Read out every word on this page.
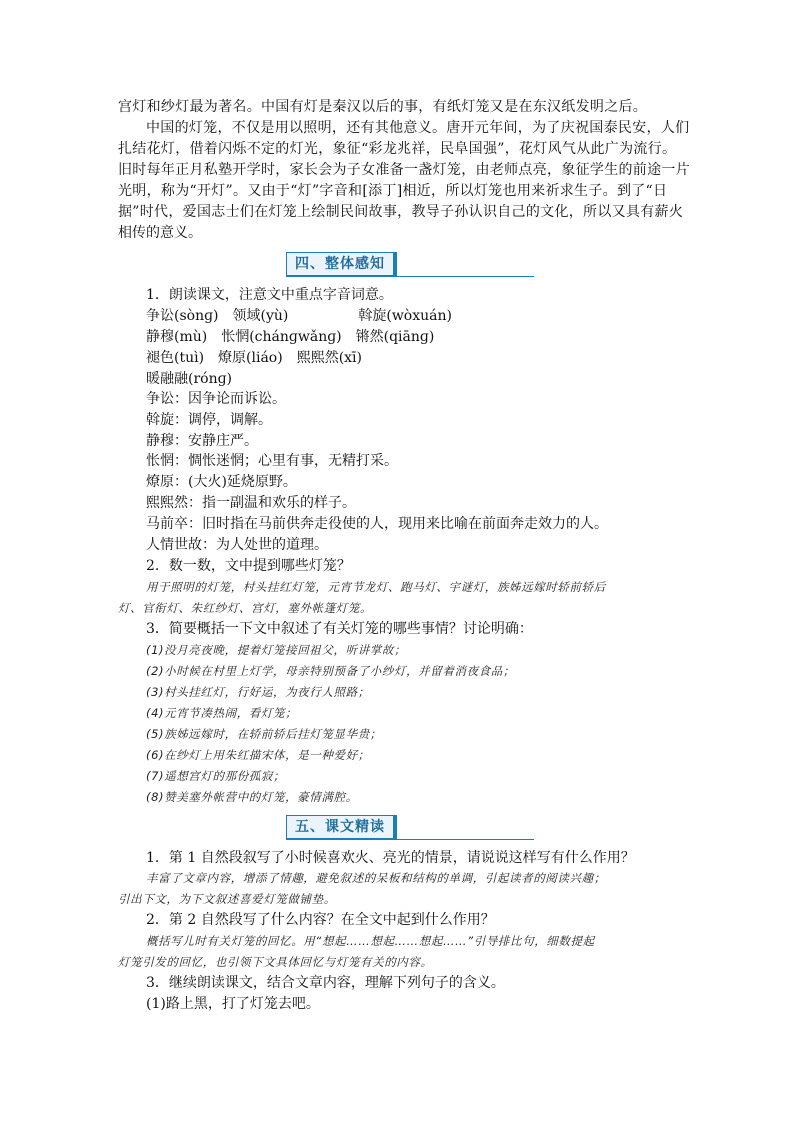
宫灯和纱灯最为著名。中国有灯是秦汉以后的事，有纸灯笼又是在东汉纸发明之后。
中国的灯笼，不仅是用以照明，还有其他意义。唐开元年间，为了庆祝国泰民安，人们
扎结花灯，借着闪烁不定的灯光，象征“彩龙兆祥，民阜国强”，花灯风气从此广为流行。
旧时每年正月私塾开学时，家长会为子女准备一盏灯笼，由老师点亮，象征学生的前途一片
光明，称为“开灯”。又由于“灯”字音和[添丁]相近，所以灯笼也用来祈求生子。到了“日
据”时代，爱国志士们在灯笼上绘制民间故事，教导子孙认识自己的文化，所以又具有薪火
相传的意义。
四、整体感知
1．朗读课文，注意文中重点字音词意。
争讼(sònɡ)　领域(yù)　　　　　斡旋(wòxuán)
静穆(mù)　怅惘(chánɡwǎnɡ)　锵然(qiānɡ)
褪色(tuì)　燎原(liáo)　熙熙然(xī)
暖融融(rónɡ)
争讼：因争论而诉讼。
斡旋：调停，调解。
静穆：安静庄严。
怅惘：惆怅迷惘；心里有事，无精打采。
燎原：(大火)延烧原野。
熙熙然：指一副温和欢乐的样子。
马前卒：旧时指在马前供奔走役使的人，现用来比喻在前面奔走效力的人。
人情世故：为人处世的道理。
2．数一数，文中提到哪些灯笼？
用于照明的灯笼，村头挂红灯笼，元宵节龙灯、跑马灯、宇谜灯，族姊远嫁时轿前轿后
灯、官衔灯、朱红纱灯、宫灯，塞外帐篷灯笼。
3．简要概括一下文中叙述了有关灯笼的哪些事情？讨论明确：
(1)没月亮夜晚，提着灯笼接回祖父，听讲掌故；
(2)小时候在村里上灯学，母亲特别预备了小纱灯，并留着消夜食品；
(3)村头挂红灯，行好运，为夜行人照路；
(4)元宵节凑热闹，看灯笼；
(5)族姊远嫁时，在轿前轿后挂灯笼显华贵；
(6)在纱灯上用朱红描宋体，是一种爱好；
(7)遥想宫灯的那份孤寂；
(8)赞美塞外帐营中的灯笼，豪情满腔。
五、课文精读
1．第 1 自然段叙写了小时候喜欢火、亮光的情景，请说说这样写有什么作用？
丰富了文章内容，增添了情趣，避免叙述的呆板和结构的单调，引起读者的阅读兴趣；
引出下文，为下文叙述喜爱灯笼做铺垫。
2．第 2 自然段写了什么内容？在全文中起到什么作用？
概括写儿时有关灯笼的回忆。用“想起……想起……想起……”引导排比句，细数提起
灯笼引发的回忆，也引领下文具体回忆与灯笼有关的内容。
3．继续朗读课文，结合文章内容，理解下列句子的含义。
(1)路上黑，打了灯笼去吧。
